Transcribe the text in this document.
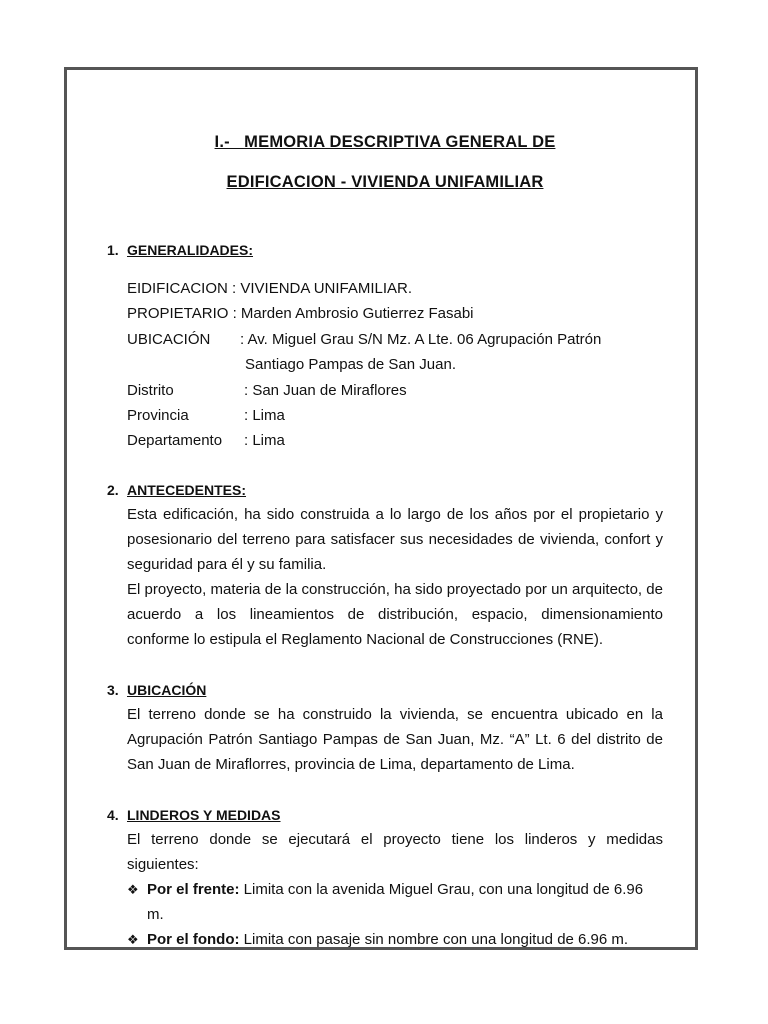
I.-   MEMORIA DESCRIPTIVA GENERAL DE

EDIFICACION - VIVIENDA UNIFAMILIAR

1. GENERALIDADES:
EIDIFICACION
: VIVIENDA UNIFAMILIAR.
PROPIETARIO
: Marden Ambrosio Gutierrez Fasabi
UBICACIÓN	: Av. Miguel Grau S/N Mz. A Lte. 06 Agrupación Patrón
Santiago Pampas de San Juan.
Distrito	: San Juan de Miraflores
Provincia	: Lima
Departamento	: Lima
2. ANTECEDENTES:
Esta edificación, ha sido construida a lo largo de los años por el propietario y posesionario del terreno para satisfacer sus necesidades de vivienda, confort y seguridad para él y su familia.
El proyecto, materia de la construcción, ha sido proyectado por un arquitecto, de acuerdo a los lineamientos de distribución, espacio, dimensionamiento conforme lo estipula el Reglamento Nacional de Construcciones (RNE).
3. UBICACIÓN
El terreno donde se ha construido la vivienda, se encuentra ubicado en la Agrupación Patrón Santiago Pampas de San Juan, Mz. “A” Lt. 6 del distrito de San Juan de Miraflorres, provincia de Lima, departamento de Lima.
4. LINDEROS Y MEDIDAS
El terreno donde se ejecutará el proyecto tiene los linderos y medidas siguientes:
❖ Por el frente: Limita con la avenida Miguel Grau, con una longitud de 6.96 m.
❖ Por el fondo: Limita con pasaje sin nombre con una longitud de 6.96 m.
